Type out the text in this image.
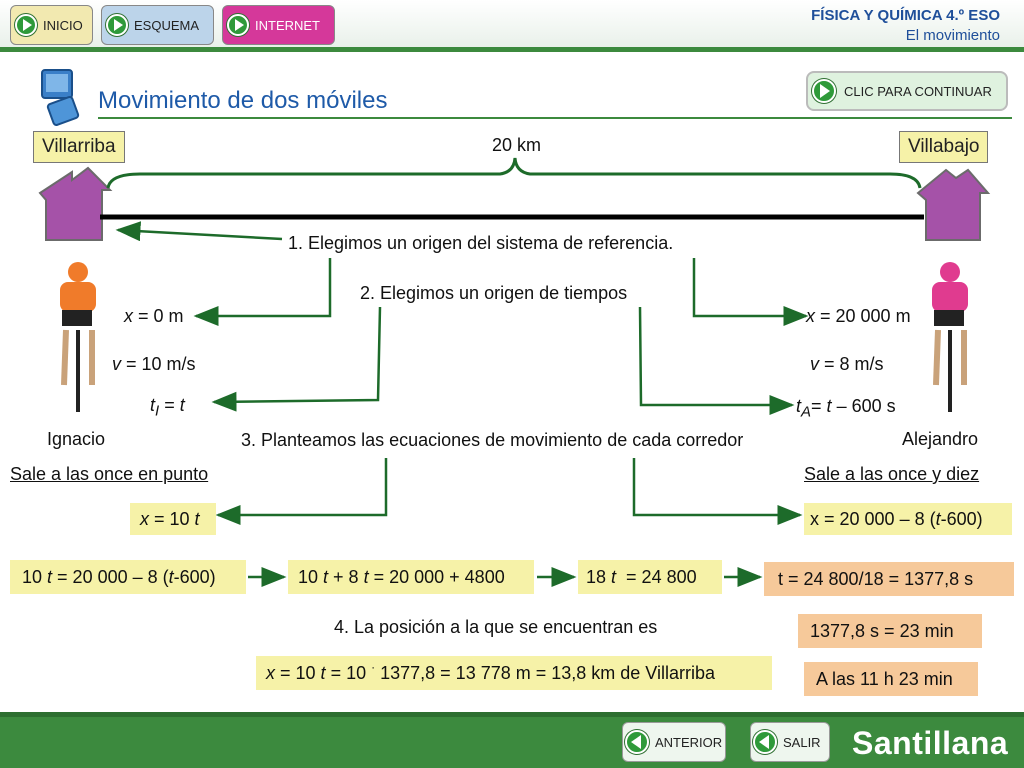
INICIO	ESQUEMA	INTERNET
FÍSICA Y QUÍMICA 4.º ESO
El movimiento
Movimiento de dos móviles	CLIC PARA CONTINUAR
Villarriba	Villabajo
20 km
1. Elegimos un origen del sistema de referencia.
2. Elegimos un origen de tiempos
3. Planteamos las ecuaciones de movimiento de cada corredor
4. La posición a la que se encuentran es
x = 0 m
v = 10 m/s
$t_I = t$
Ignacio
Sale a las once en punto
x = 10 t
x = 20 000 m
v = 8 m/s
$t_A= t - 600$ s
Alejandro
Sale a las once y diez
x = 20 000 – 8 ( t -600)
10 t = 20 000 – 8 ( t -600)	10 t + 8 t = 20 000 + 4800	18 t = 24 800	t = 24 800/18 = 1377,8 s
1377,8 s = 23 min
A las 11 h 23 min
x = 10 t = 10 · 1377,8 = 13 778 m = 13,8 km de Villarriba
ANTERIOR	SALIR Santillana
